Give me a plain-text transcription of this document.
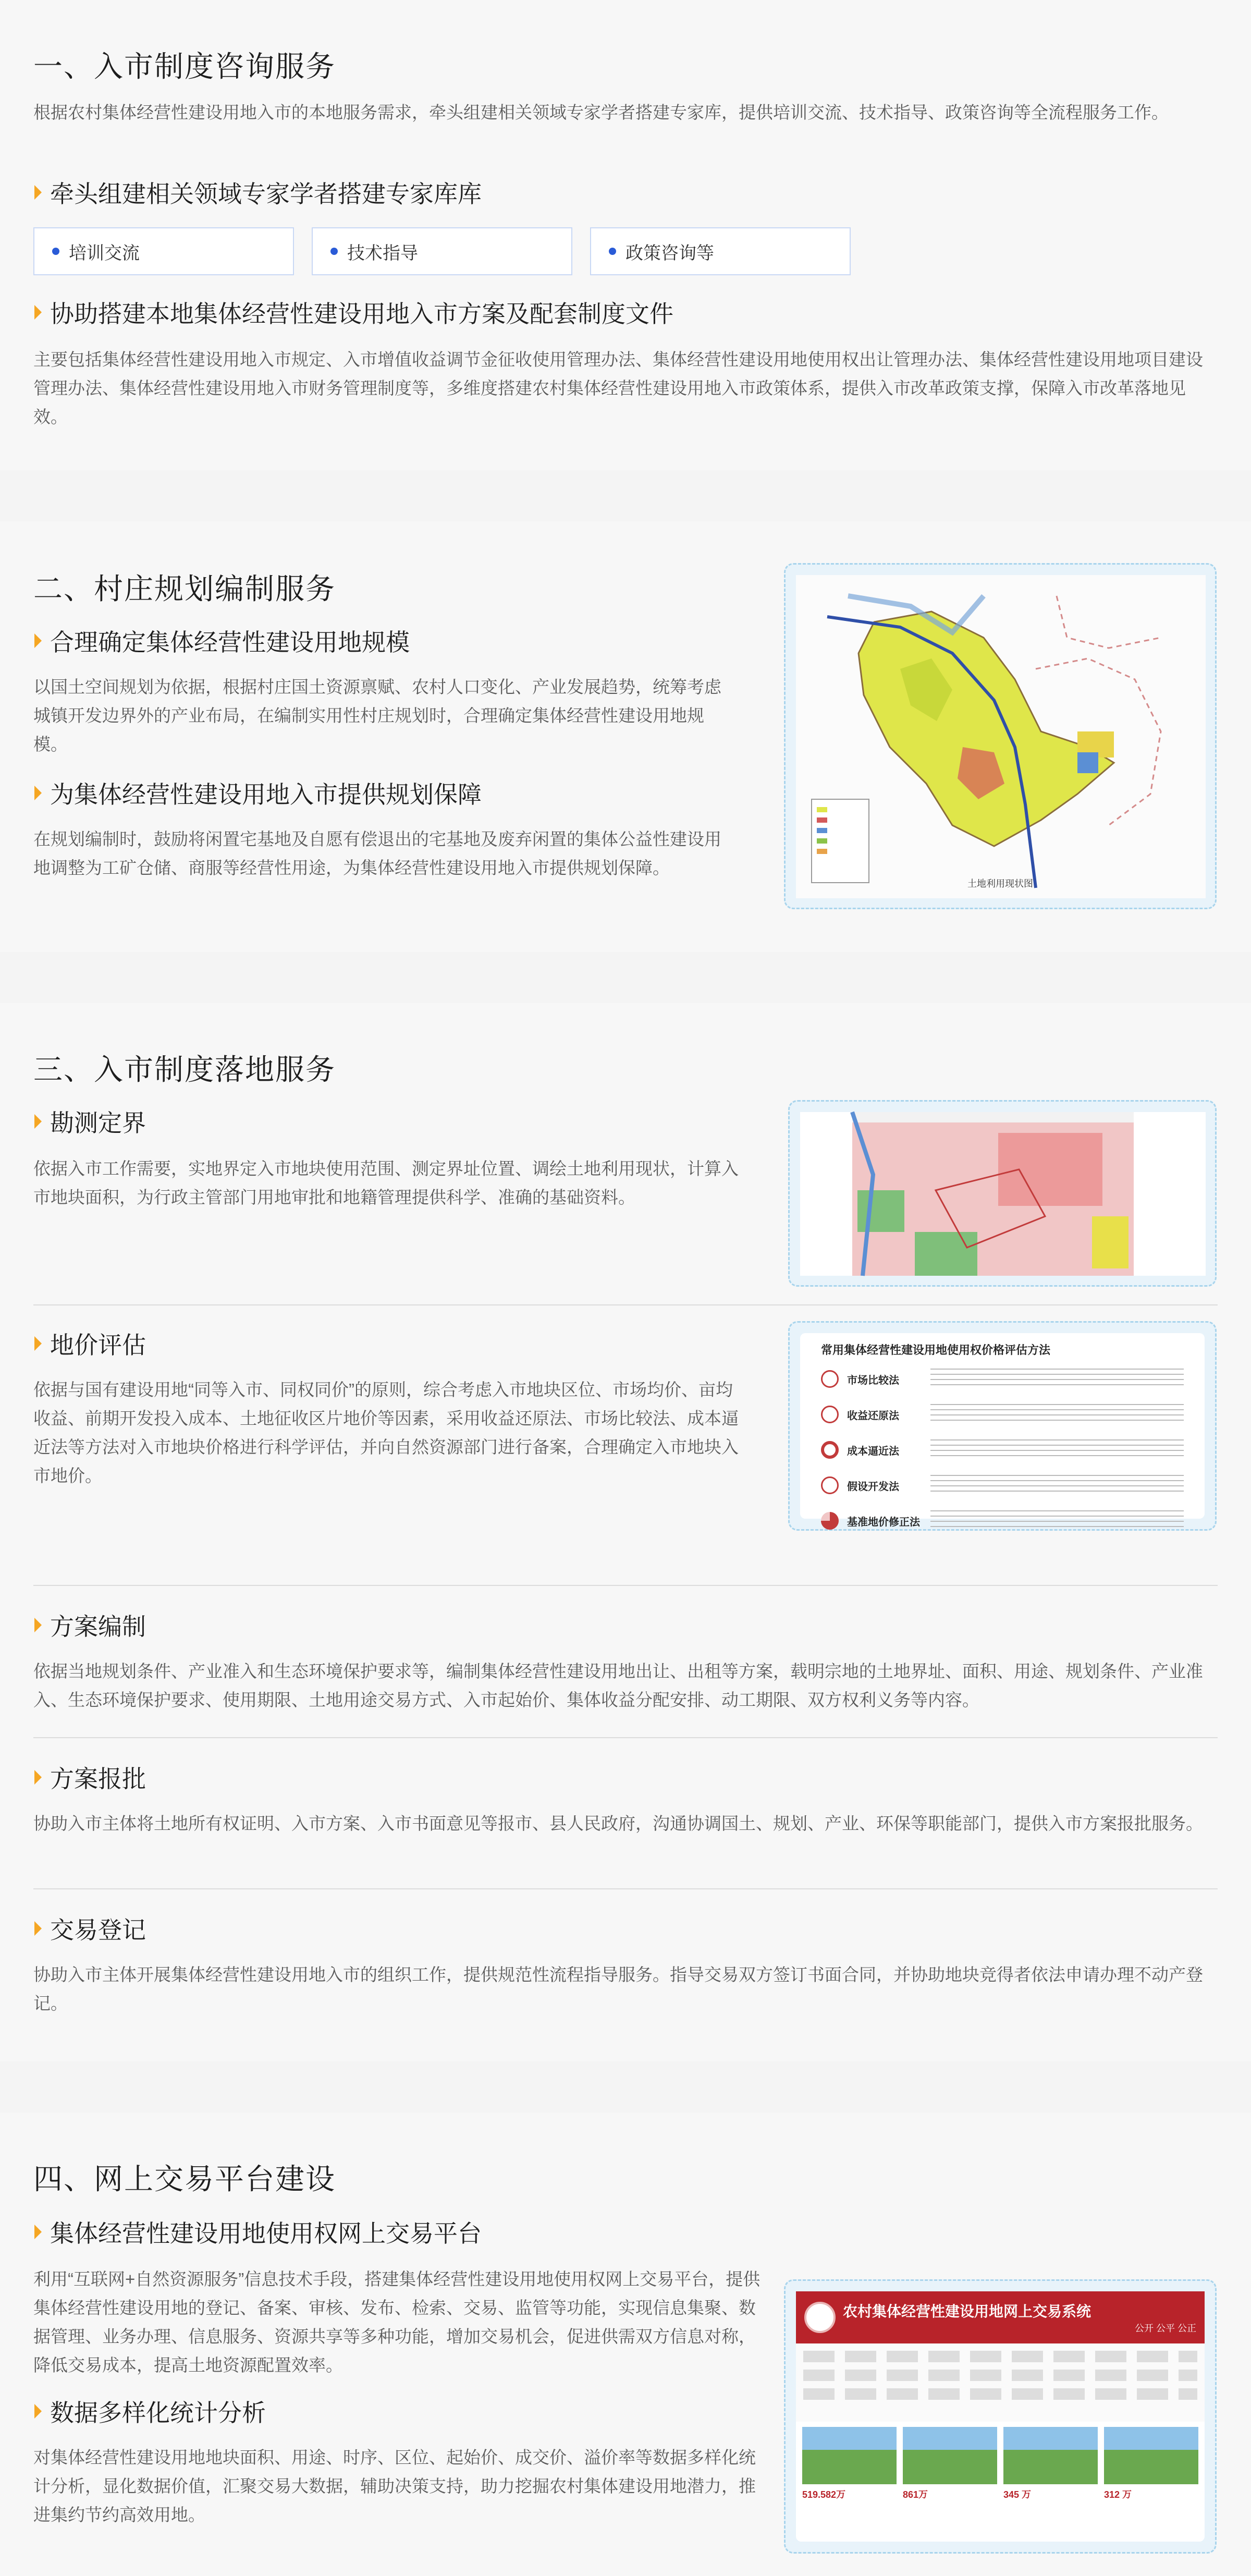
一、入市制度咨询服务

根据农村集体经营性建设用地入市的本地服务需求，牵头组建相关领域专家学者搭建专家库，提供培训交流、技术指导、政策咨询等全流程服务工作。

牵头组建相关领域专家学者搭建专家库库
培训交流	技术指导	政策咨询等
协助搭建本地集体经营性建设用地入市方案及配套制度文件

主要包括集体经营性建设用地入市规定、入市增值收益调节金征收使用管理办法、集体经营性建设用地使用权出让管理办法、集体经营性建设用地项目建设管理办法、集体经营性建设用地入市财务管理制度等，多维度搭建农村集体经营性建设用地入市政策体系，提供入市改革政策支撑，保障入市改革落地见效。

二、村庄规划编制服务
合理确定集体经营性建设用地规模

以国土空间规划为依据，根据村庄国土资源禀赋、农村人口变化、产业发展趋势，统筹考虑城镇开发边界外的产业布局，在编制实用性村庄规划时，合理确定集体经营性建设用地规模。

为集体经营性建设用地入市提供规划保障

在规划编制时，鼓励将闲置宅基地及自愿有偿退出的宅基地及废弃闲置的集体公益性建设用地调整为工矿仓储、商服等经营性用途，为集体经营性建设用地入市提供规划保障。

土地利用现状图
三、入市制度落地服务
勘测定界

依据入市工作需要，实地界定入市地块使用范围、测定界址位置、调绘土地利用现状，计算入市地块面积，为行政主管部门用地审批和地籍管理提供科学、准确的基础资料。

地价评估

依据与国有建设用地“同等入市、同权同价”的原则，综合考虑入市地块区位、市场均价、亩均收益、前期开发投入成本、土地征收区片地价等因素，采用收益还原法、市场比较法、成本逼近法等方法对入市地块价格进行科学评估，并向自然资源部门进行备案，合理确定入市地块入市地价。

常用集体经营性建设用地使用权价格评估方法
市场比较法
收益还原法
成本逼近法
假设开发法
基准地价修正法
方案编制

依据当地规划条件、产业准入和生态环境保护要求等，编制集体经营性建设用地出让、出租等方案，载明宗地的土地界址、面积、用途、规划条件、产业准入、生态环境保护要求、使用期限、土地用途交易方式、入市起始价、集体收益分配安排、动工期限、双方权利义务等内容。

方案报批

协助入市主体将土地所有权证明、入市方案、入市书面意见等报市、县人民政府，沟通协调国土、规划、产业、环保等职能部门，提供入市方案报批服务。

交易登记

协助入市主体开展集体经营性建设用地入市的组织工作，提供规范性流程指导服务。指导交易双方签订书面合同，并协助地块竞得者依法申请办理不动产登记。

四、网上交易平台建设
集体经营性建设用地使用权网上交易平台

利用“互联网+自然资源服务”信息技术手段，搭建集体经营性建设用地使用权网上交易平台，提供集体经营性建设用地的登记、备案、审核、发布、检索、交易、监管等功能，实现信息集聚、数据管理、业务办理、信息服务、资源共享等多种功能，增加交易机会，促进供需双方信息对称，降低交易成本，提高土地资源配置效率。

数据多样化统计分析

对集体经营性建设用地地块面积、用途、时序、区位、起始价、成交价、溢价率等数据多样化统计分析，显化数据价值，汇聚交易大数据，辅助决策支持，助力挖掘农村集体建设用地潜力，推进集约节约高效用地。

农村集体经营性建设用地网上交易系统
公开 公平 公正
519.582万	861万	345 万	312 万
